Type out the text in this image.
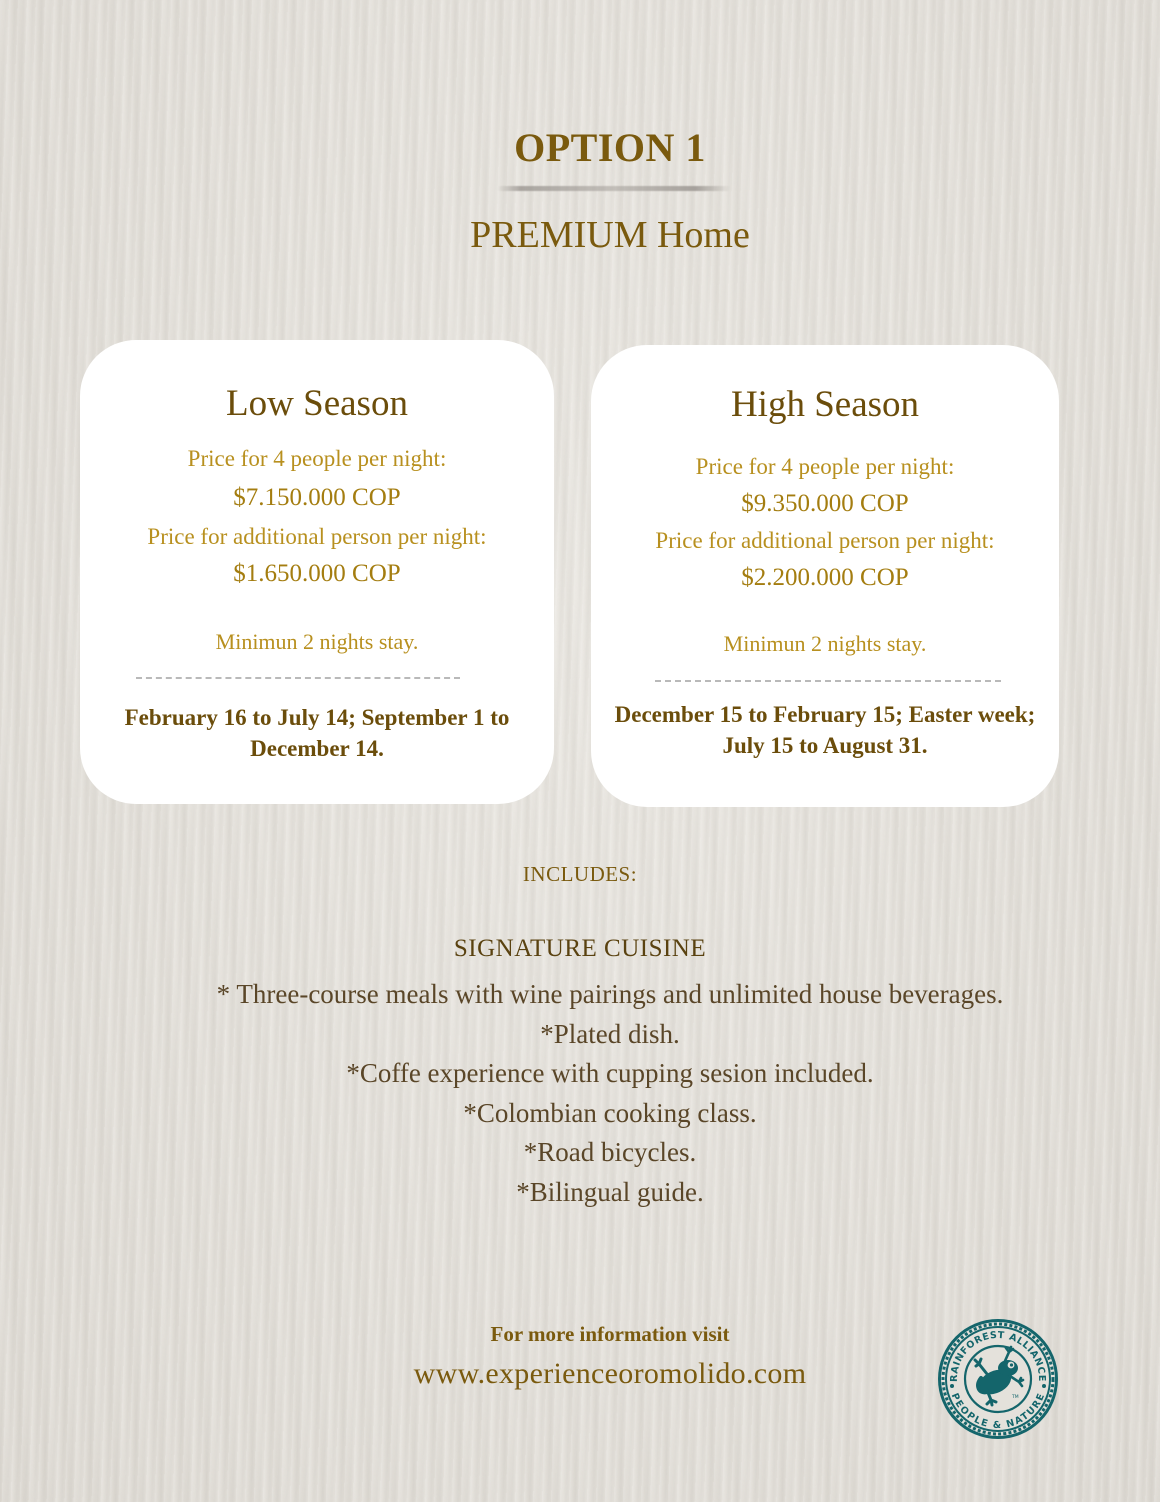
OPTION 1
PREMIUM Home
Low Season
Price for 4 people per night:
$7.150.000 COP
Price for additional person per night:
$1.650.000 COP
Minimun 2 nights stay.
February 16 to July 14; September 1 to December 14.
High Season
Price for 4 people per night:
$9.350.000 COP
Price for additional person per night:
$2.200.000 COP
Minimun 2 nights stay.
December 15 to February 15; Easter week; July 15 to August 31.
INCLUDES:
SIGNATURE CUISINE
* Three-course meals with wine pairings and unlimited house beverages.
*Plated dish.
*Coffe experience with cupping sesion included.
*Colombian cooking class.
*Road bicycles.
*Bilingual guide.
For more information visit
www.experienceoromolido.com	RAINFOREST ALLIANCE
PEOPLE & NATURE
TM
